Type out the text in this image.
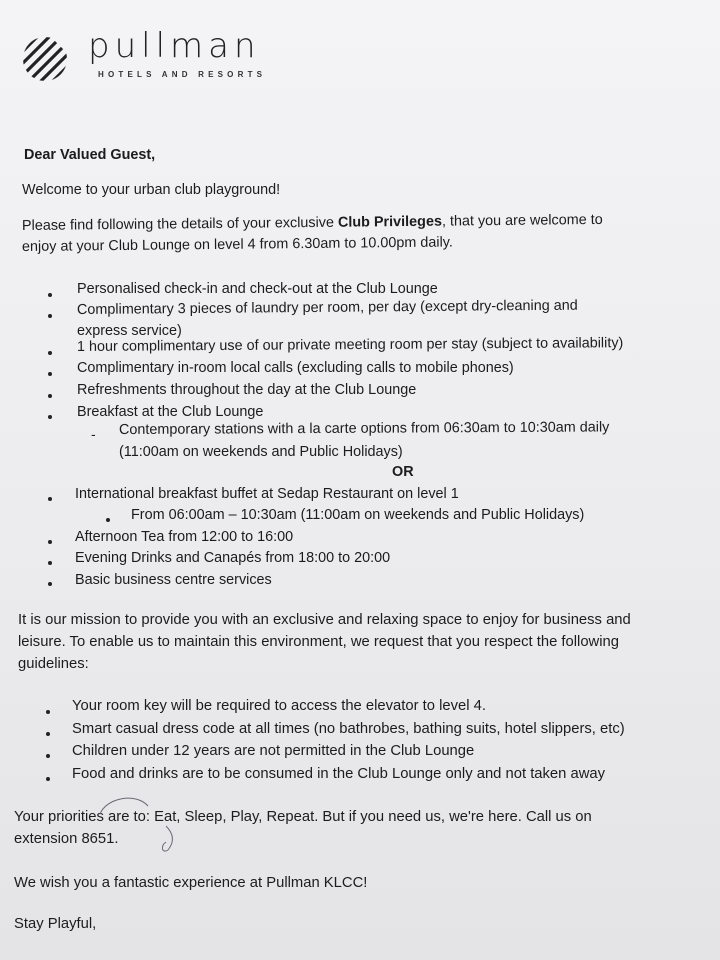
pullman
HOTELS AND RESORTS
Dear Valued Guest,
Welcome to your urban club playground!
Please find following the details of your exclusive Club Privileges, that you are welcome to
enjoy at your Club Lounge on level 4 from 6.30am to 10.00pm daily.
Personalised check-in and check-out at the Club Lounge
Complimentary 3 pieces of laundry per room, per day (except dry-cleaning and
express service)
1 hour complimentary use of our private meeting room per stay (subject to availability)
Complimentary in-room local calls (excluding calls to mobile phones)
Refreshments throughout the day at the Club Lounge
Breakfast at the Club Lounge
- Contemporary stations with a la carte options from 06:30am to 10:30am daily
(11:00am on weekends and Public Holidays)
OR
International breakfast buffet at Sedap Restaurant on level 1
From 06:00am – 10:30am (11:00am on weekends and Public Holidays)
Afternoon Tea from 12:00 to 16:00
Evening Drinks and Canapés from 18:00 to 20:00
Basic business centre services
It is our mission to provide you with an exclusive and relaxing space to enjoy for business and
leisure. To enable us to maintain this environment, we request that you respect the following
guidelines:
Your room key will be required to access the elevator to level 4.
Smart casual dress code at all times (no bathrobes, bathing suits, hotel slippers, etc)
Children under 12 years are not permitted in the Club Lounge
Food and drinks are to be consumed in the Club Lounge only and not taken away
Your priorities are to: Eat, Sleep, Play, Repeat. But if you need us, we're here. Call us on
extension 8651.
We wish you a fantastic experience at Pullman KLCC!
Stay Playful,
